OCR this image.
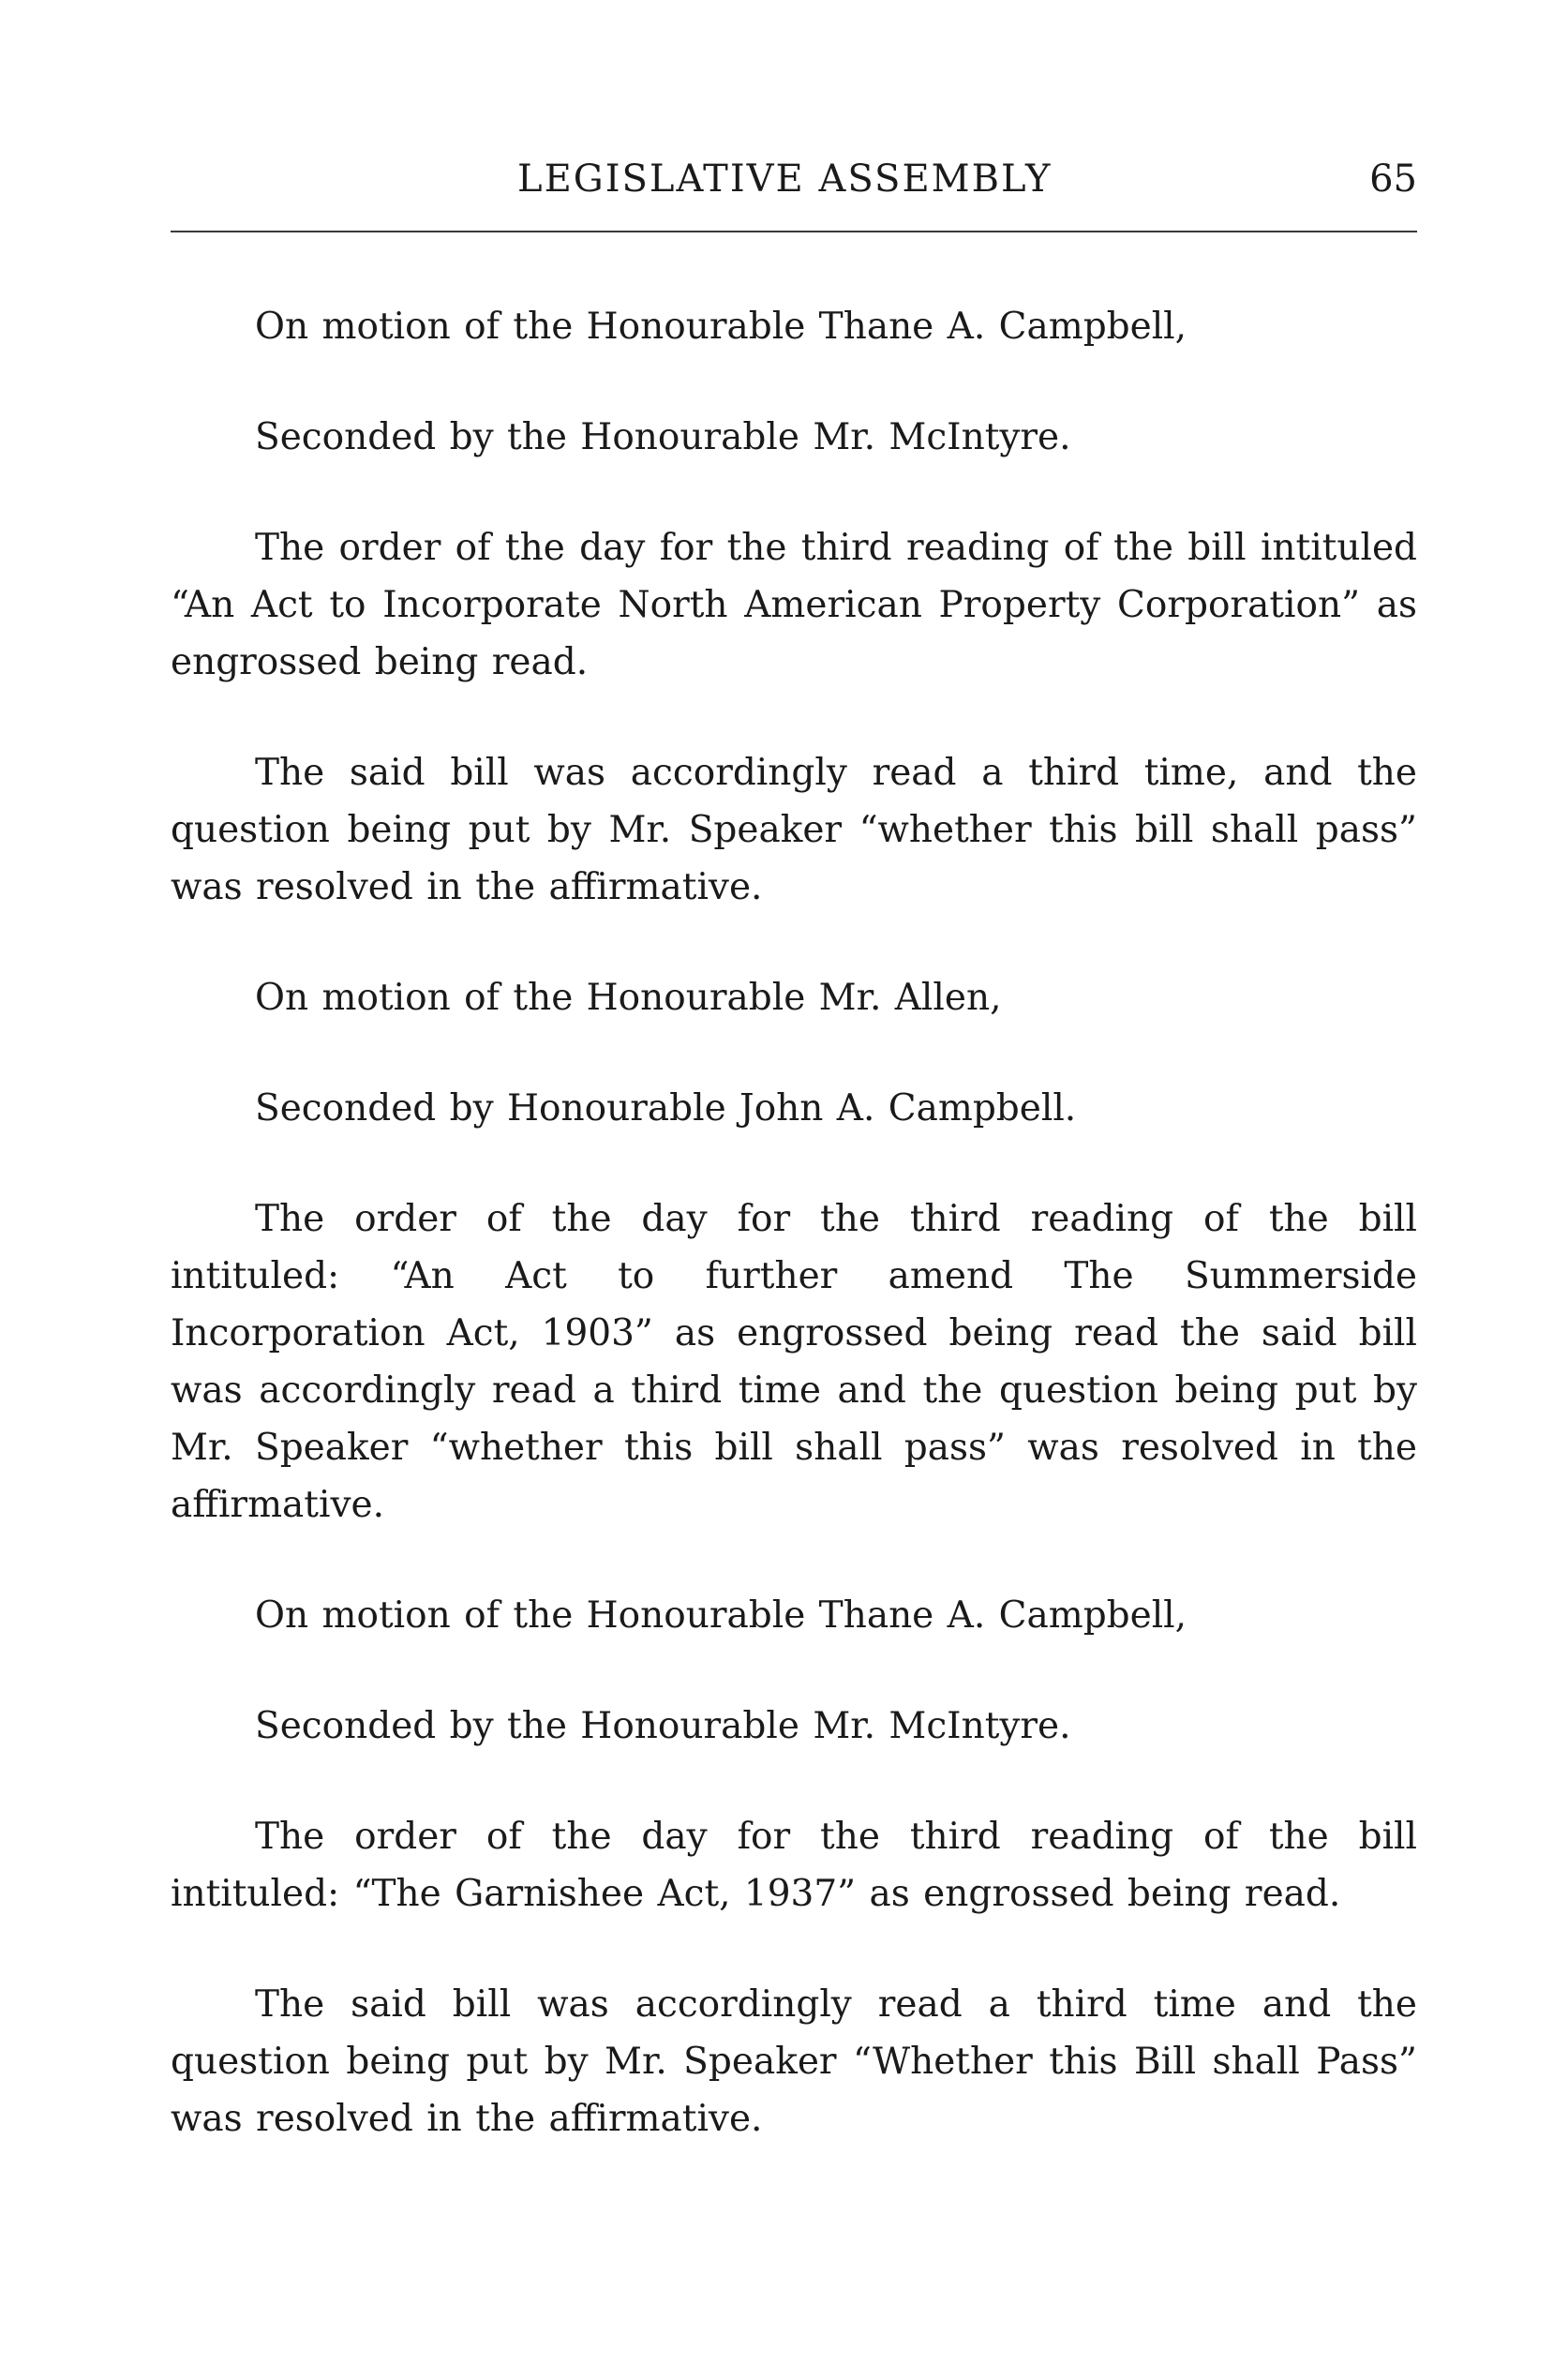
LEGISLATIVE ASSEMBLY	65

On motion of the Honourable Thane A. Campbell,

Seconded by the Honourable Mr. McIntyre.

The order of the day for the third reading of the bill intituled “An Act to Incorporate North American Property Corporation” as engrossed being read.

The said bill was accordingly read a third time, and the question being put by Mr. Speaker “whether this bill shall pass” was resolved in the affirmative.

On motion of the Honourable Mr. Allen,

Seconded by Honourable John A. Campbell.

The order of the day for the third reading of the bill intituled: “An Act to further amend The Summerside Incorporation Act, 1903” as engrossed being read the said bill was accordingly read a third time and the question being put by Mr. Speaker “whether this bill shall pass” was resolved in the affirmative.

On motion of the Honourable Thane A. Campbell,

Seconded by the Honourable Mr. McIntyre.

The order of the day for the third reading of the bill intituled: “The Garnishee Act, 1937” as engrossed being read.

The said bill was accordingly read a third time and the question being put by Mr. Speaker “Whether this Bill shall Pass” was resolved in the affirmative.
